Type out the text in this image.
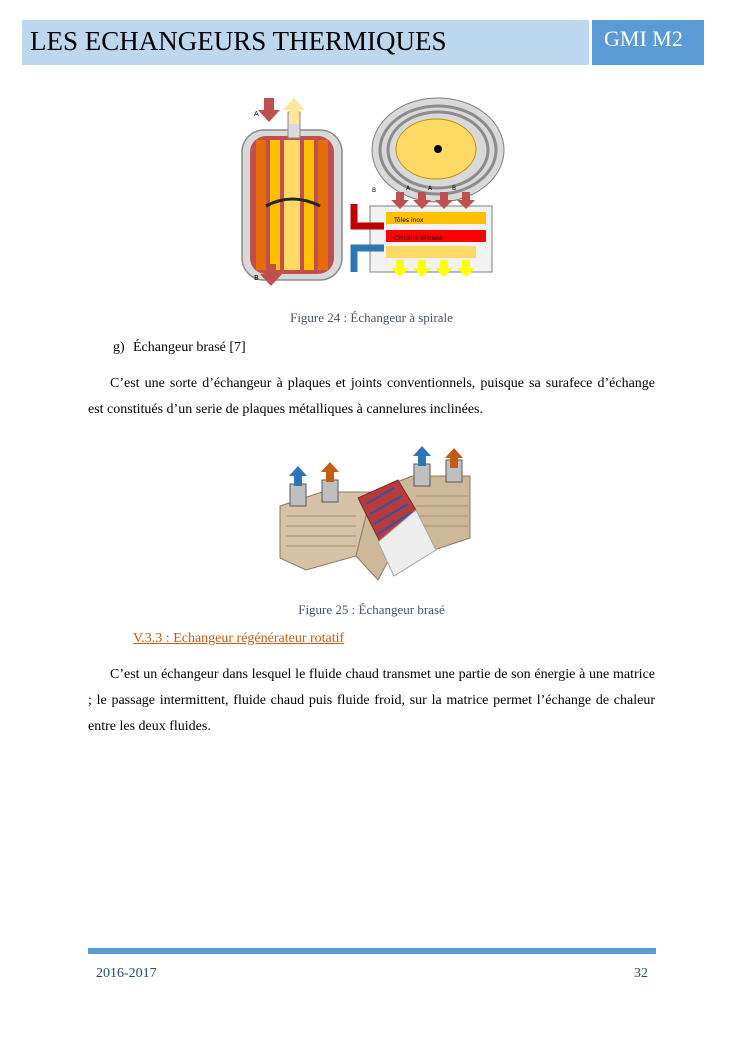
LES ECHANGEURS THERMIQUES	GMI M2
A
B
Tôles inox
Chicane silicone
B	A	A	B
Figure 24 : Échangeur à spirale
g) Échangeur brasé [7]

C’est une sorte d’échangeur à plaques et joints conventionnels, puisque sa surafece d’échange est constitués d’un serie de plaques métalliques à cannelures inclinées.

Figure 25 : Échangeur brasé
V.3.3 : Echangeur régénérateur rotatif

C’est un échangeur dans lesquel le fluide chaud transmet une partie de son énergie à une matrice ; le passage intermittent, fluide chaud puis fluide froid, sur la matrice permet l’échange de chaleur entre les deux fluides.

2016-2017	32
